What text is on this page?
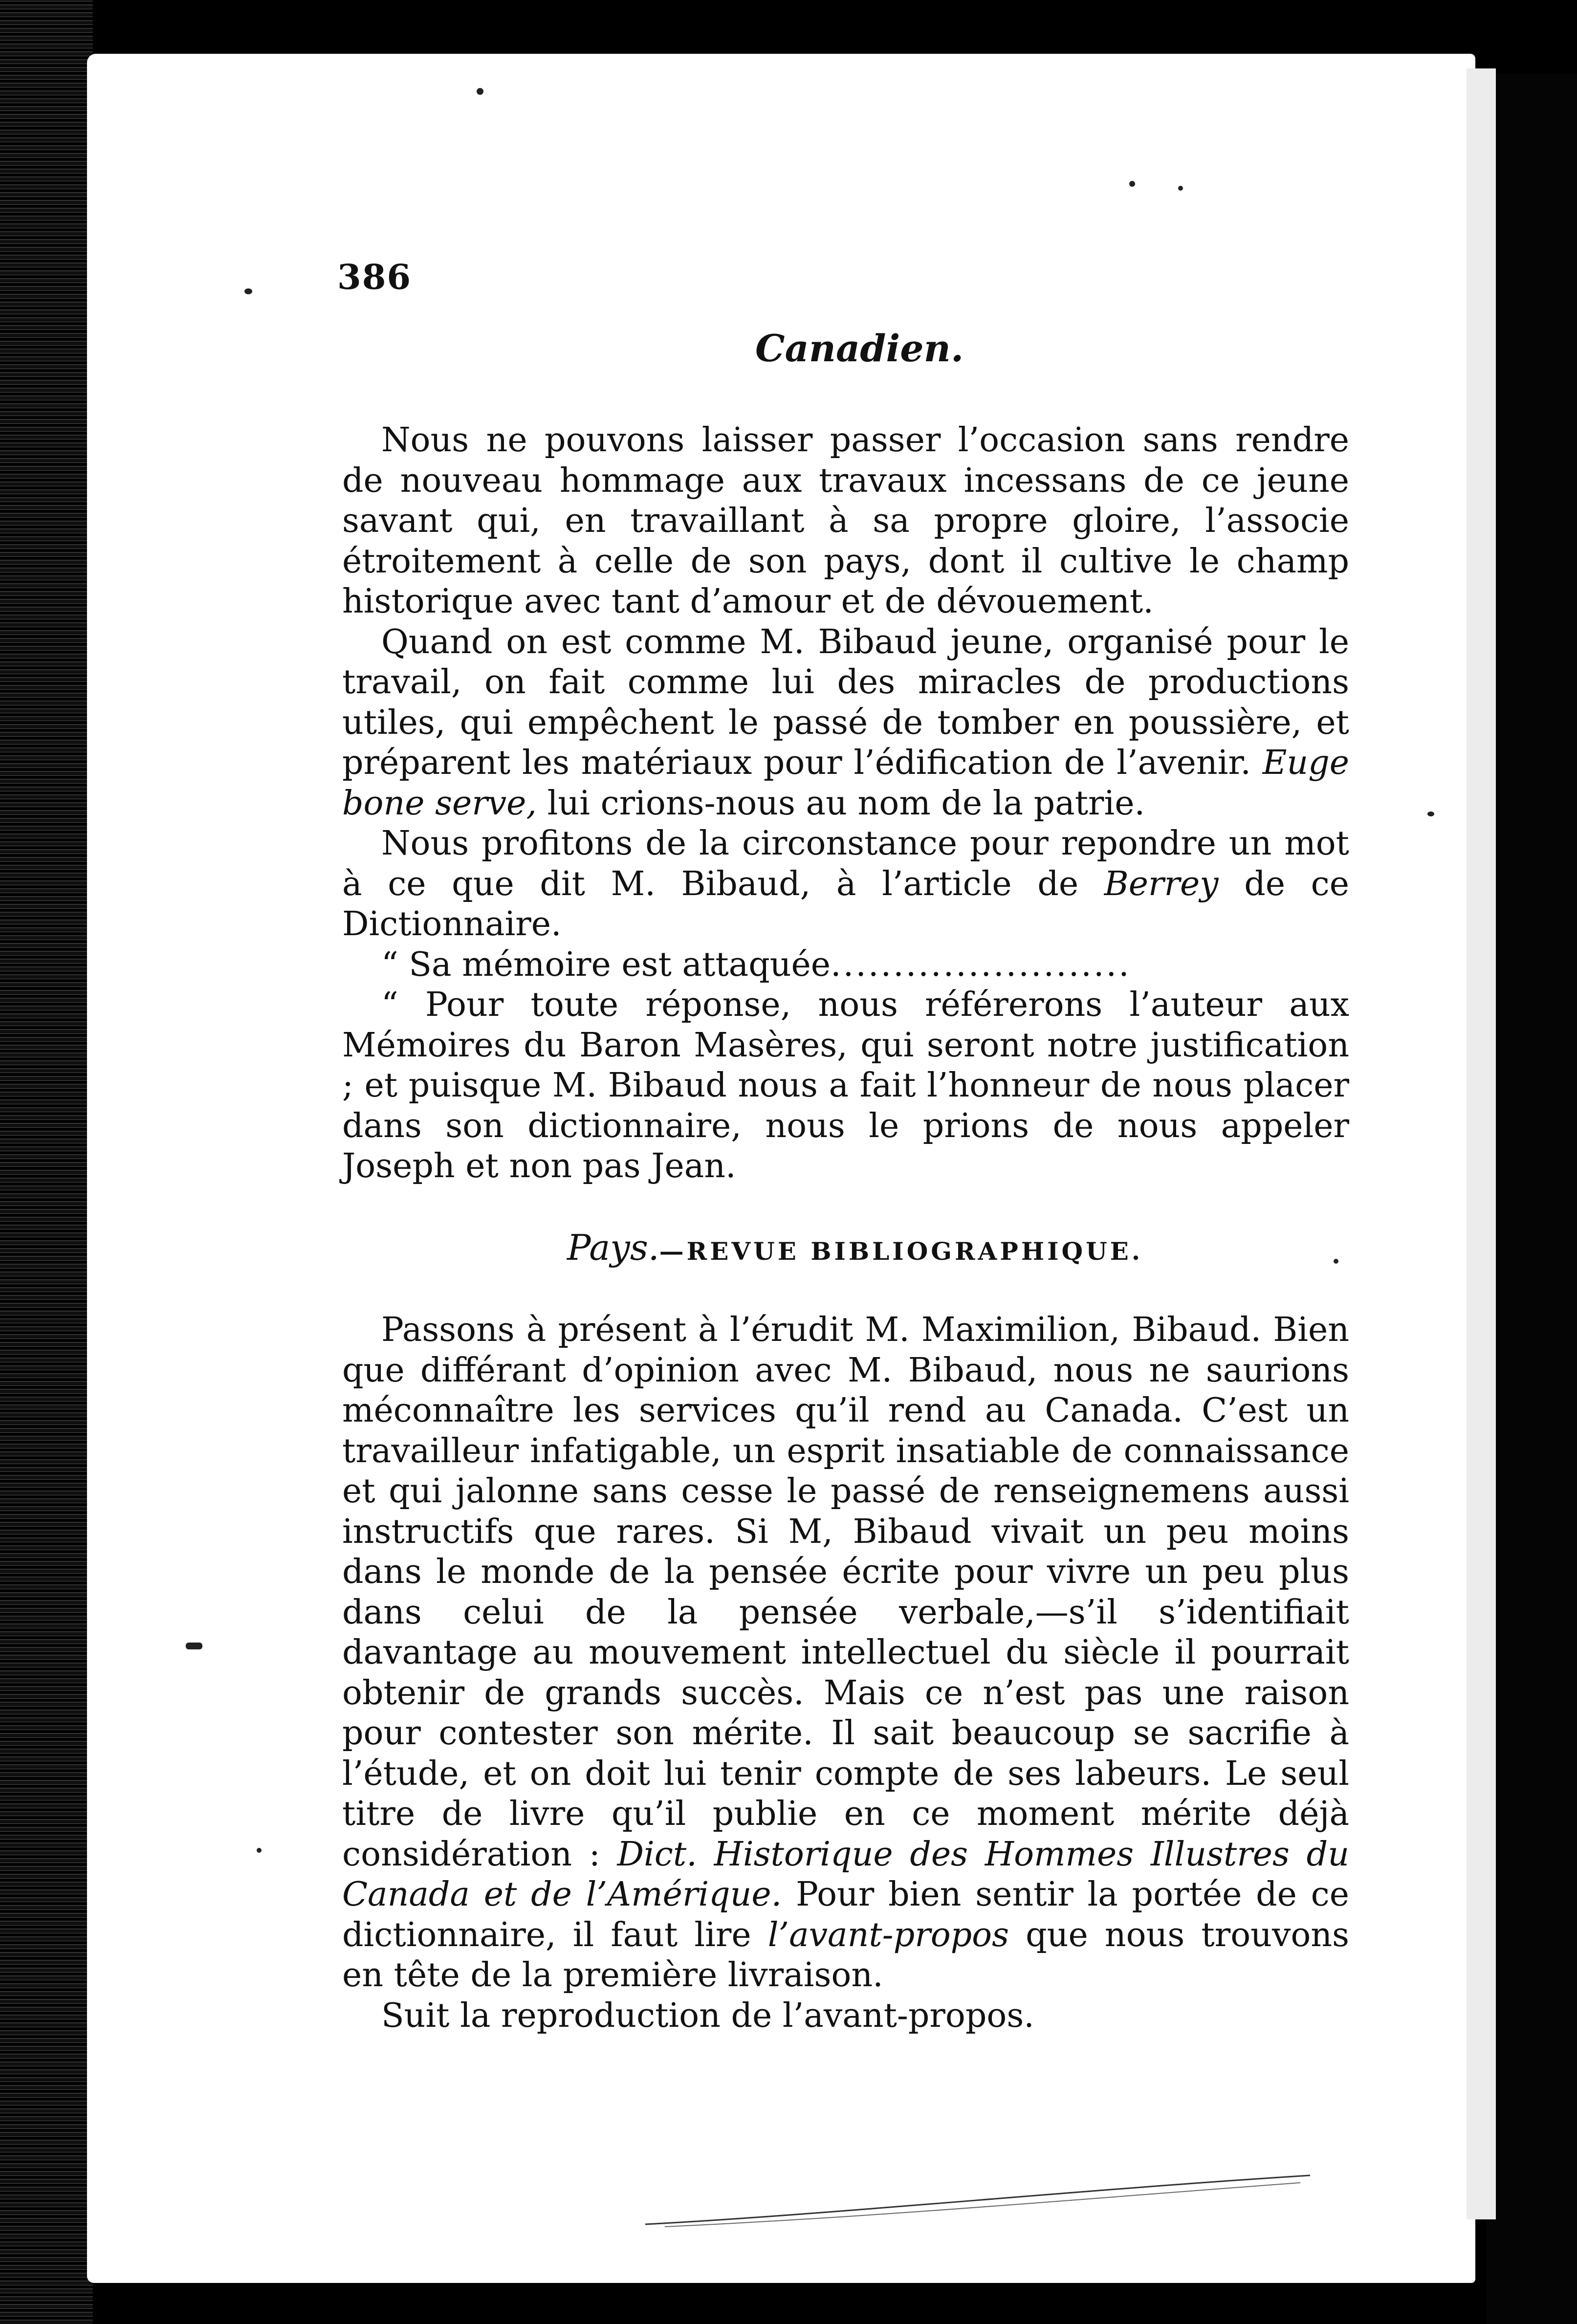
386
Canadien.

Nous ne pouvons laisser passer l’occasion sans rendre de nouveau hommage aux travaux incessans de ce jeune savant qui, en travaillant à sa propre gloire, l’associe étroitement à celle de son pays, dont il cultive le champ historique avec tant d’amour et de dévouement.

Quand on est comme M. Bibaud jeune, organisé pour le travail, on fait comme lui des miracles de productions utiles, qui empêchent le passé de tomber en poussière, et préparent les matériaux pour l’édification de l’avenir. Euge bone serve, lui crions-nous au nom de la patrie.

Nous profitons de la circonstance pour repondre un mot à ce que dit M. Bibaud, à l’article de Berrey de ce Dictionnaire.

“ Sa mémoire est attaquée........................

“ Pour toute réponse, nous référerons l’auteur aux Mémoires du Baron Masères, qui seront notre justification ; et puisque M. Bibaud nous a fait l’honneur de nous placer dans son dictionnaire, nous le prions de nous appeler Joseph et non pas Jean.

Pays.—REVUE BIBLIOGRAPHIQUE.

Passons à présent à l’érudit M. Maximilion, Bibaud. Bien que différant d’opinion avec M. Bibaud, nous ne saurions méconnaître les services qu’il rend au Canada. C’est un travailleur infatigable, un esprit insatiable de connaissance et qui jalonne sans cesse le passé de renseignemens aussi instructifs que rares. Si M, Bibaud vivait un peu moins dans le monde de la pensée écrite pour vivre un peu plus dans celui de la pensée verbale,—s’il s’identifiait davantage au mouvement intellectuel du siècle il pourrait obtenir de grands succès. Mais ce n’est pas une raison pour contester son mérite. Il sait beaucoup se sacrifie à l’étude, et on doit lui tenir compte de ses labeurs. Le seul titre de livre qu’il publie en ce moment mérite déjà considération : Dict. Historique des Hommes Illustres du Canada et de l’Amérique. Pour bien sentir la portée de ce dictionnaire, il faut lire l’avant-propos que nous trouvons en tête de la première livraison.

Suit la reproduction de l’avant-propos.
